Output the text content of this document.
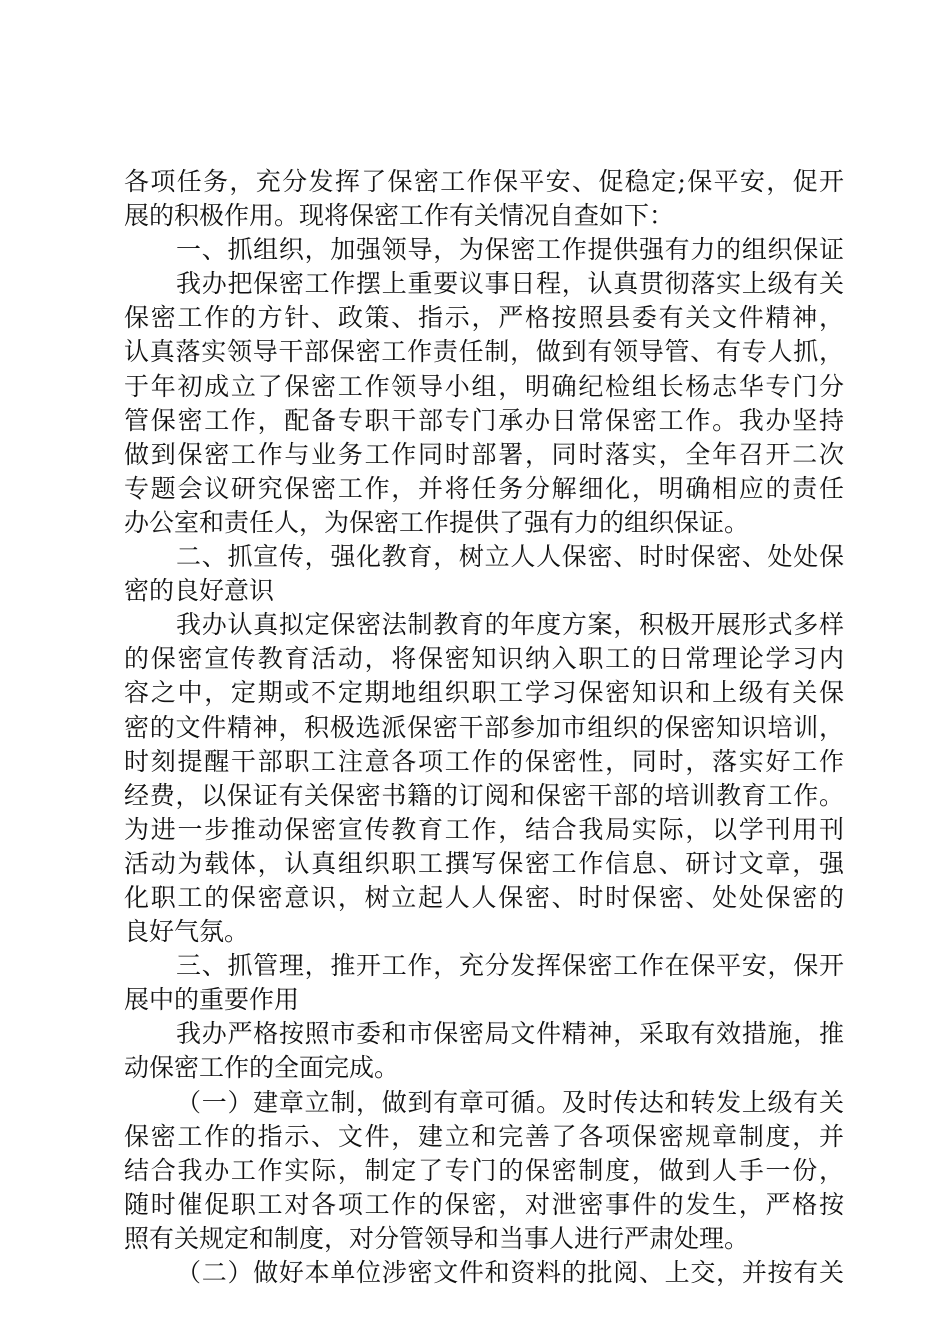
各项任务，充分发挥了保密工作保平安、促稳定;保平安，促开
展的积极作用。现将保密工作有关情况自查如下：
一、抓组织，加强领导，为保密工作提供强有力的组织保证
我办把保密工作摆上重要议事日程，认真贯彻落实上级有关
保密工作的方针、政策、指示，严格按照县委有关文件精神，
认真落实领导干部保密工作责任制，做到有领导管、有专人抓，
于年初成立了保密工作领导小组，明确纪检组长杨志华专门分
管保密工作，配备专职干部专门承办日常保密工作。我办坚持
做到保密工作与业务工作同时部署，同时落实，全年召开二次
专题会议研究保密工作，并将任务分解细化，明确相应的责任
办公室和责任人，为保密工作提供了强有力的组织保证。
二、抓宣传，强化教育，树立人人保密、时时保密、处处保
密的良好意识
我办认真拟定保密法制教育的年度方案，积极开展形式多样
的保密宣传教育活动，将保密知识纳入职工的日常理论学习内
容之中，定期或不定期地组织职工学习保密知识和上级有关保
密的文件精神，积极选派保密干部参加市组织的保密知识培训，
时刻提醒干部职工注意各项工作的保密性，同时，落实好工作
经费，以保证有关保密书籍的订阅和保密干部的培训教育工作。
为进一步推动保密宣传教育工作，结合我局实际，以学刊用刊
活动为载体，认真组织职工撰写保密工作信息、研讨文章，强
化职工的保密意识，树立起人人保密、时时保密、处处保密的
良好气氛。
三、抓管理，推开工作，充分发挥保密工作在保平安，保开
展中的重要作用
我办严格按照市委和市保密局文件精神，采取有效措施，推
动保密工作的全面完成。
（一）建章立制，做到有章可循。及时传达和转发上级有关
保密工作的指示、文件，建立和完善了各项保密规章制度，并
结合我办工作实际，制定了专门的保密制度，做到人手一份，
随时催促职工对各项工作的保密，对泄密事件的发生，严格按
照有关规定和制度，对分管领导和当事人进行严肃处理。
（二）做好本单位涉密文件和资料的批阅、上交，并按有关
